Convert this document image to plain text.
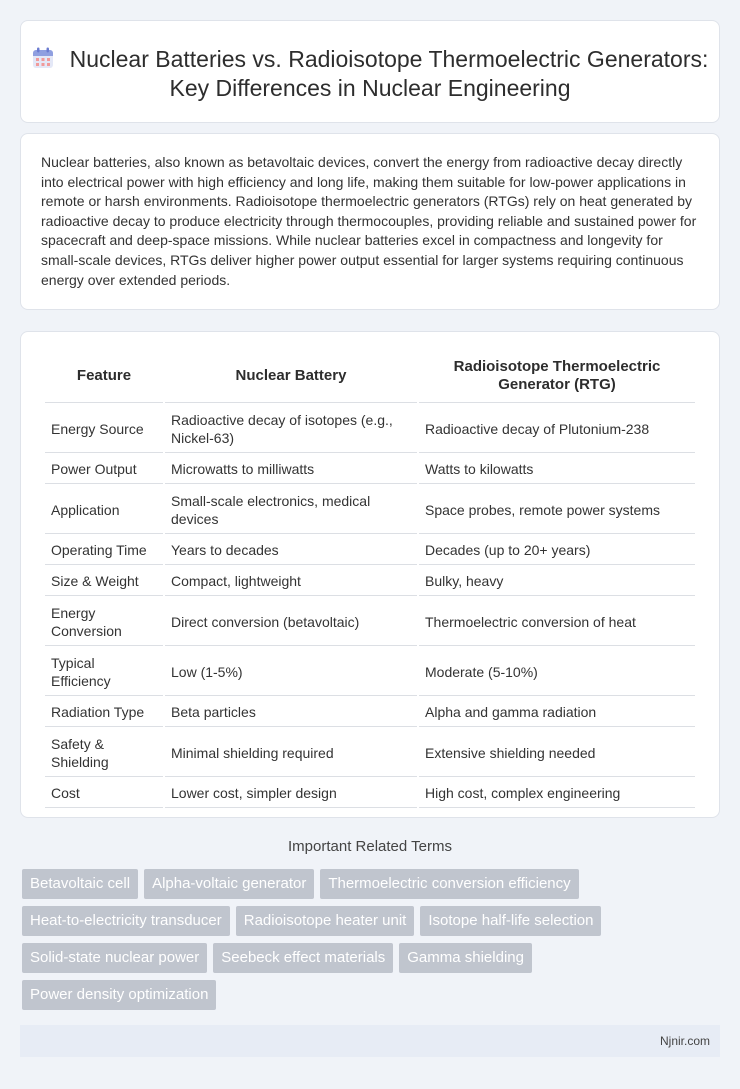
Nuclear Batteries vs. Radioisotope Thermoelectric Generators: Key Differences in Nuclear Engineering

Nuclear batteries, also known as betavoltaic devices, convert the energy from radioactive decay directly into electrical power with high efficiency and long life, making them suitable for low-power applications in remote or harsh environments. Radioisotope thermoelectric generators (RTGs) rely on heat generated by radioactive decay to produce electricity through thermocouples, providing reliable and sustained power for spacecraft and deep-space missions. While nuclear batteries excel in compactness and longevity for small-scale devices, RTGs deliver higher power output essential for larger systems requiring continuous energy over extended periods.

Feature	Nuclear Battery	Radioisotope Thermoelectric Generator (RTG)
Energy Source	Radioactive decay of isotopes (e.g., Nickel-63)	Radioactive decay of Plutonium-238
Power Output	Microwatts to milliwatts	Watts to kilowatts
Application	Small-scale electronics, medical devices	Space probes, remote power systems
Operating Time	Years to decades	Decades (up to 20+ years)
Size & Weight	Compact, lightweight	Bulky, heavy
Energy Conversion	Direct conversion (betavoltaic)	Thermoelectric conversion of heat
Typical Efficiency	Low (1-5%)	Moderate (5-10%)
Radiation Type	Beta particles	Alpha and gamma radiation
Safety & Shielding	Minimal shielding required	Extensive shielding needed
Cost	Lower cost, simpler design	High cost, complex engineering
Important Related Terms
Betavoltaic cell	Alpha-voltaic generator	Thermoelectric conversion efficiency
Heat-to-electricity transducer	Radioisotope heater unit	Isotope half-life selection
Solid-state nuclear power	Seebeck effect materials	Gamma shielding
Power density optimization
Njnir.com
